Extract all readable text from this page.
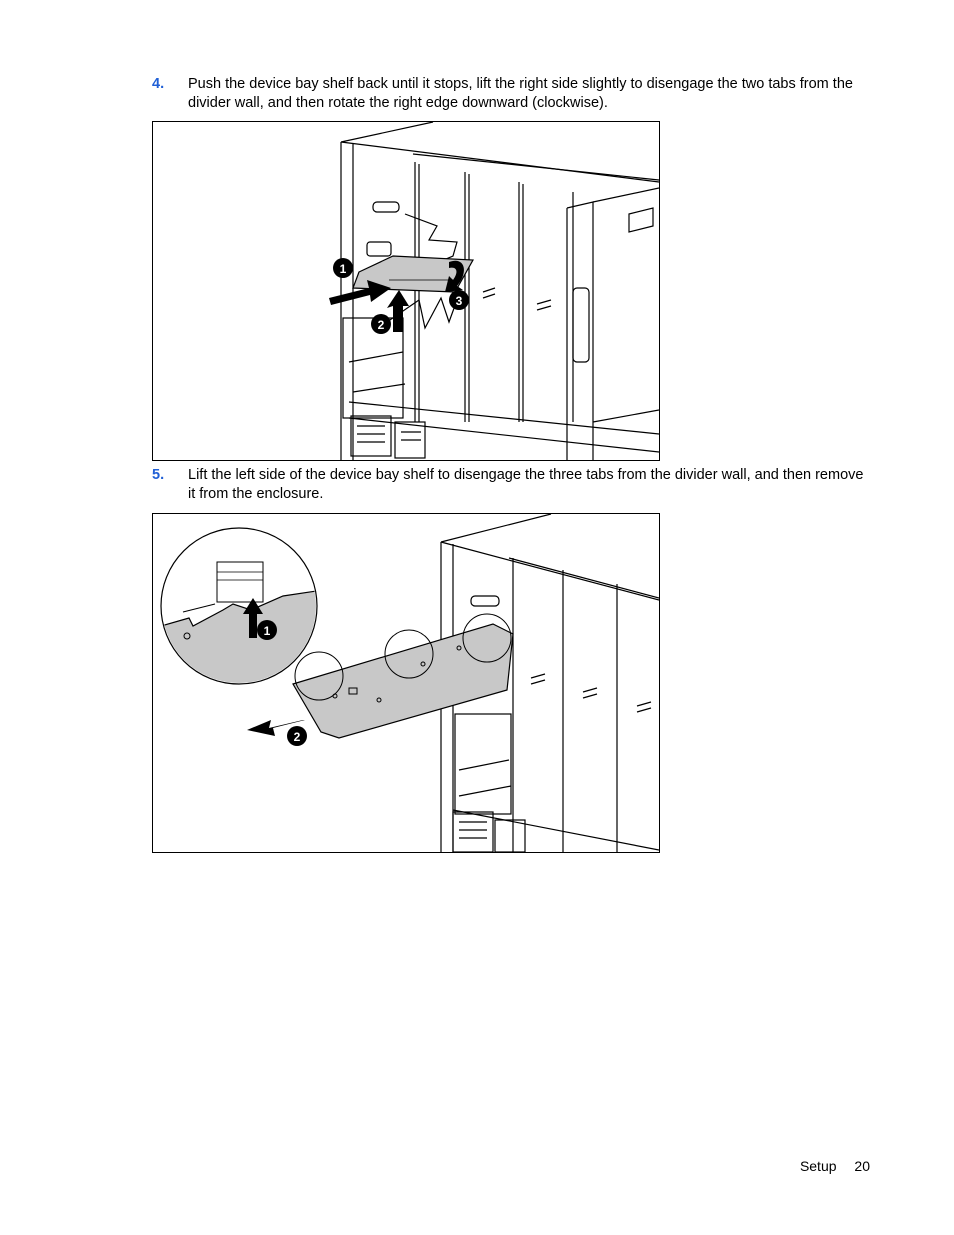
4. Push the device bay shelf back until it stops, lift the right side slightly to disengage the two tabs from the divider wall, and then rotate the right edge downward (clockwise).
1
2
3
5. Lift the left side of the device bay shelf to disengage the three tabs from the divider wall, and then remove it from the enclosure.
1
2
Setup 20
